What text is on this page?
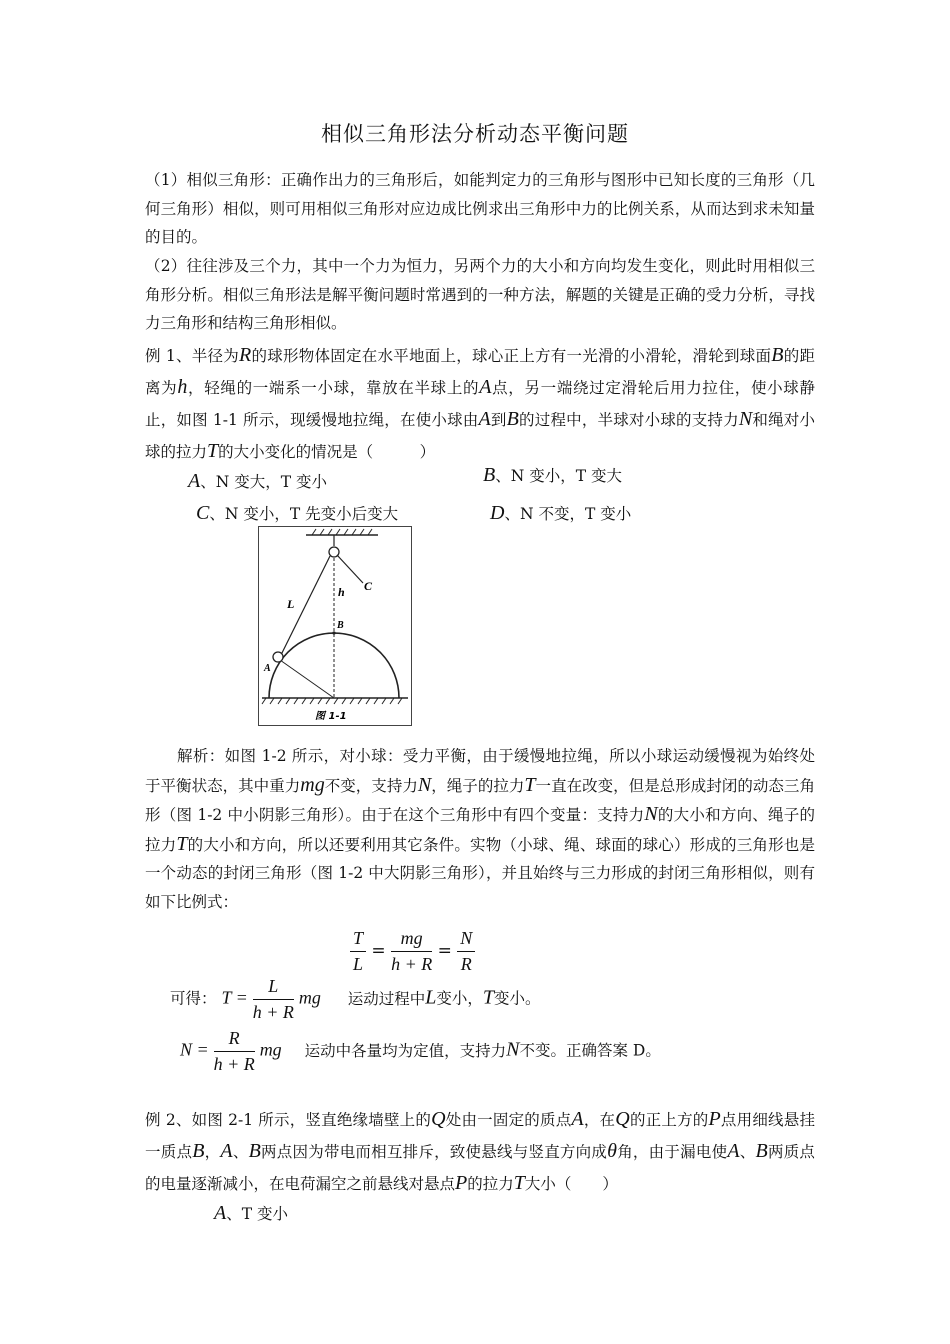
相似三角形法分析动态平衡问题
（1）相似三角形：正确作出力的三角形后，如能判定力的三角形与图形中已知长度的三角形（几何三角形）相似，则可用相似三角形对应边成比例求出三角形中力的比例关系，从而达到求未知量的目的。
（2）往往涉及三个力，其中一个力为恒力，另两个力的大小和方向均发生变化，则此时用相似三角形分析。相似三角形法是解平衡问题时常遇到的一种方法，解题的关键是正确的受力分析，寻找力三角形和结构三角形相似。
例 1、半径为R的球形物体固定在水平地面上，球心正上方有一光滑的小滑轮，滑轮到球面B的距离为h，轻绳的一端系一小球，靠放在半球上的A点，另一端绕过定滑轮后用力拉住，使小球静止，如图 1-1 所示，现缓慢地拉绳，在使小球由A到B的过程中，半球对小球的支持力N和绳对小球的拉力T的大小变化的情况是（　　　）
A、N 变大，T 变小	B、N 变小，T 变大
C、N 变小，T 先变小后变大	D、N 不变，T 变小
L
h C
B
A
图 1-1
解析：如图 1-2 所示，对小球：受力平衡，由于缓慢地拉绳，所以小球运动缓慢视为始终处于平衡状态，其中重力mg不变，支持力N，绳子的拉力T一直在改变，但是总形成封闭的动态三角形（图 1-2 中小阴影三角形）。由于在这个三角形中有四个变量：支持力N的大小和方向、绳子的拉力T的大小和方向，所以还要利用其它条件。实物（小球、绳、球面的球心）形成的三角形也是一个动态的封闭三角形（图 1-2 中大阴影三角形），并且始终与三力形成的封闭三角形相似，则有如下比例式：
$\frac{T}{L} = \frac{mg}{h + R} = \frac{N}{R}$
可得： $T = \frac{L}{h + R}$ mg 运动过程中L变小，T变小。
$N = \frac{R}{h + R}$ mg 运动中各量均为定值，支持力N不变。正确答案 D。
例 2、如图 2-1 所示，竖直绝缘墙壁上的Q处由一固定的质点A，在Q的正上方的P点用细线悬挂一质点B，A、B两点因为带电而相互排斥，致使悬线与竖直方向成θ角，由于漏电使A、B两质点的电量逐渐减小，在电荷漏空之前悬线对悬点P的拉力T大小（　　）
A、T 变小
